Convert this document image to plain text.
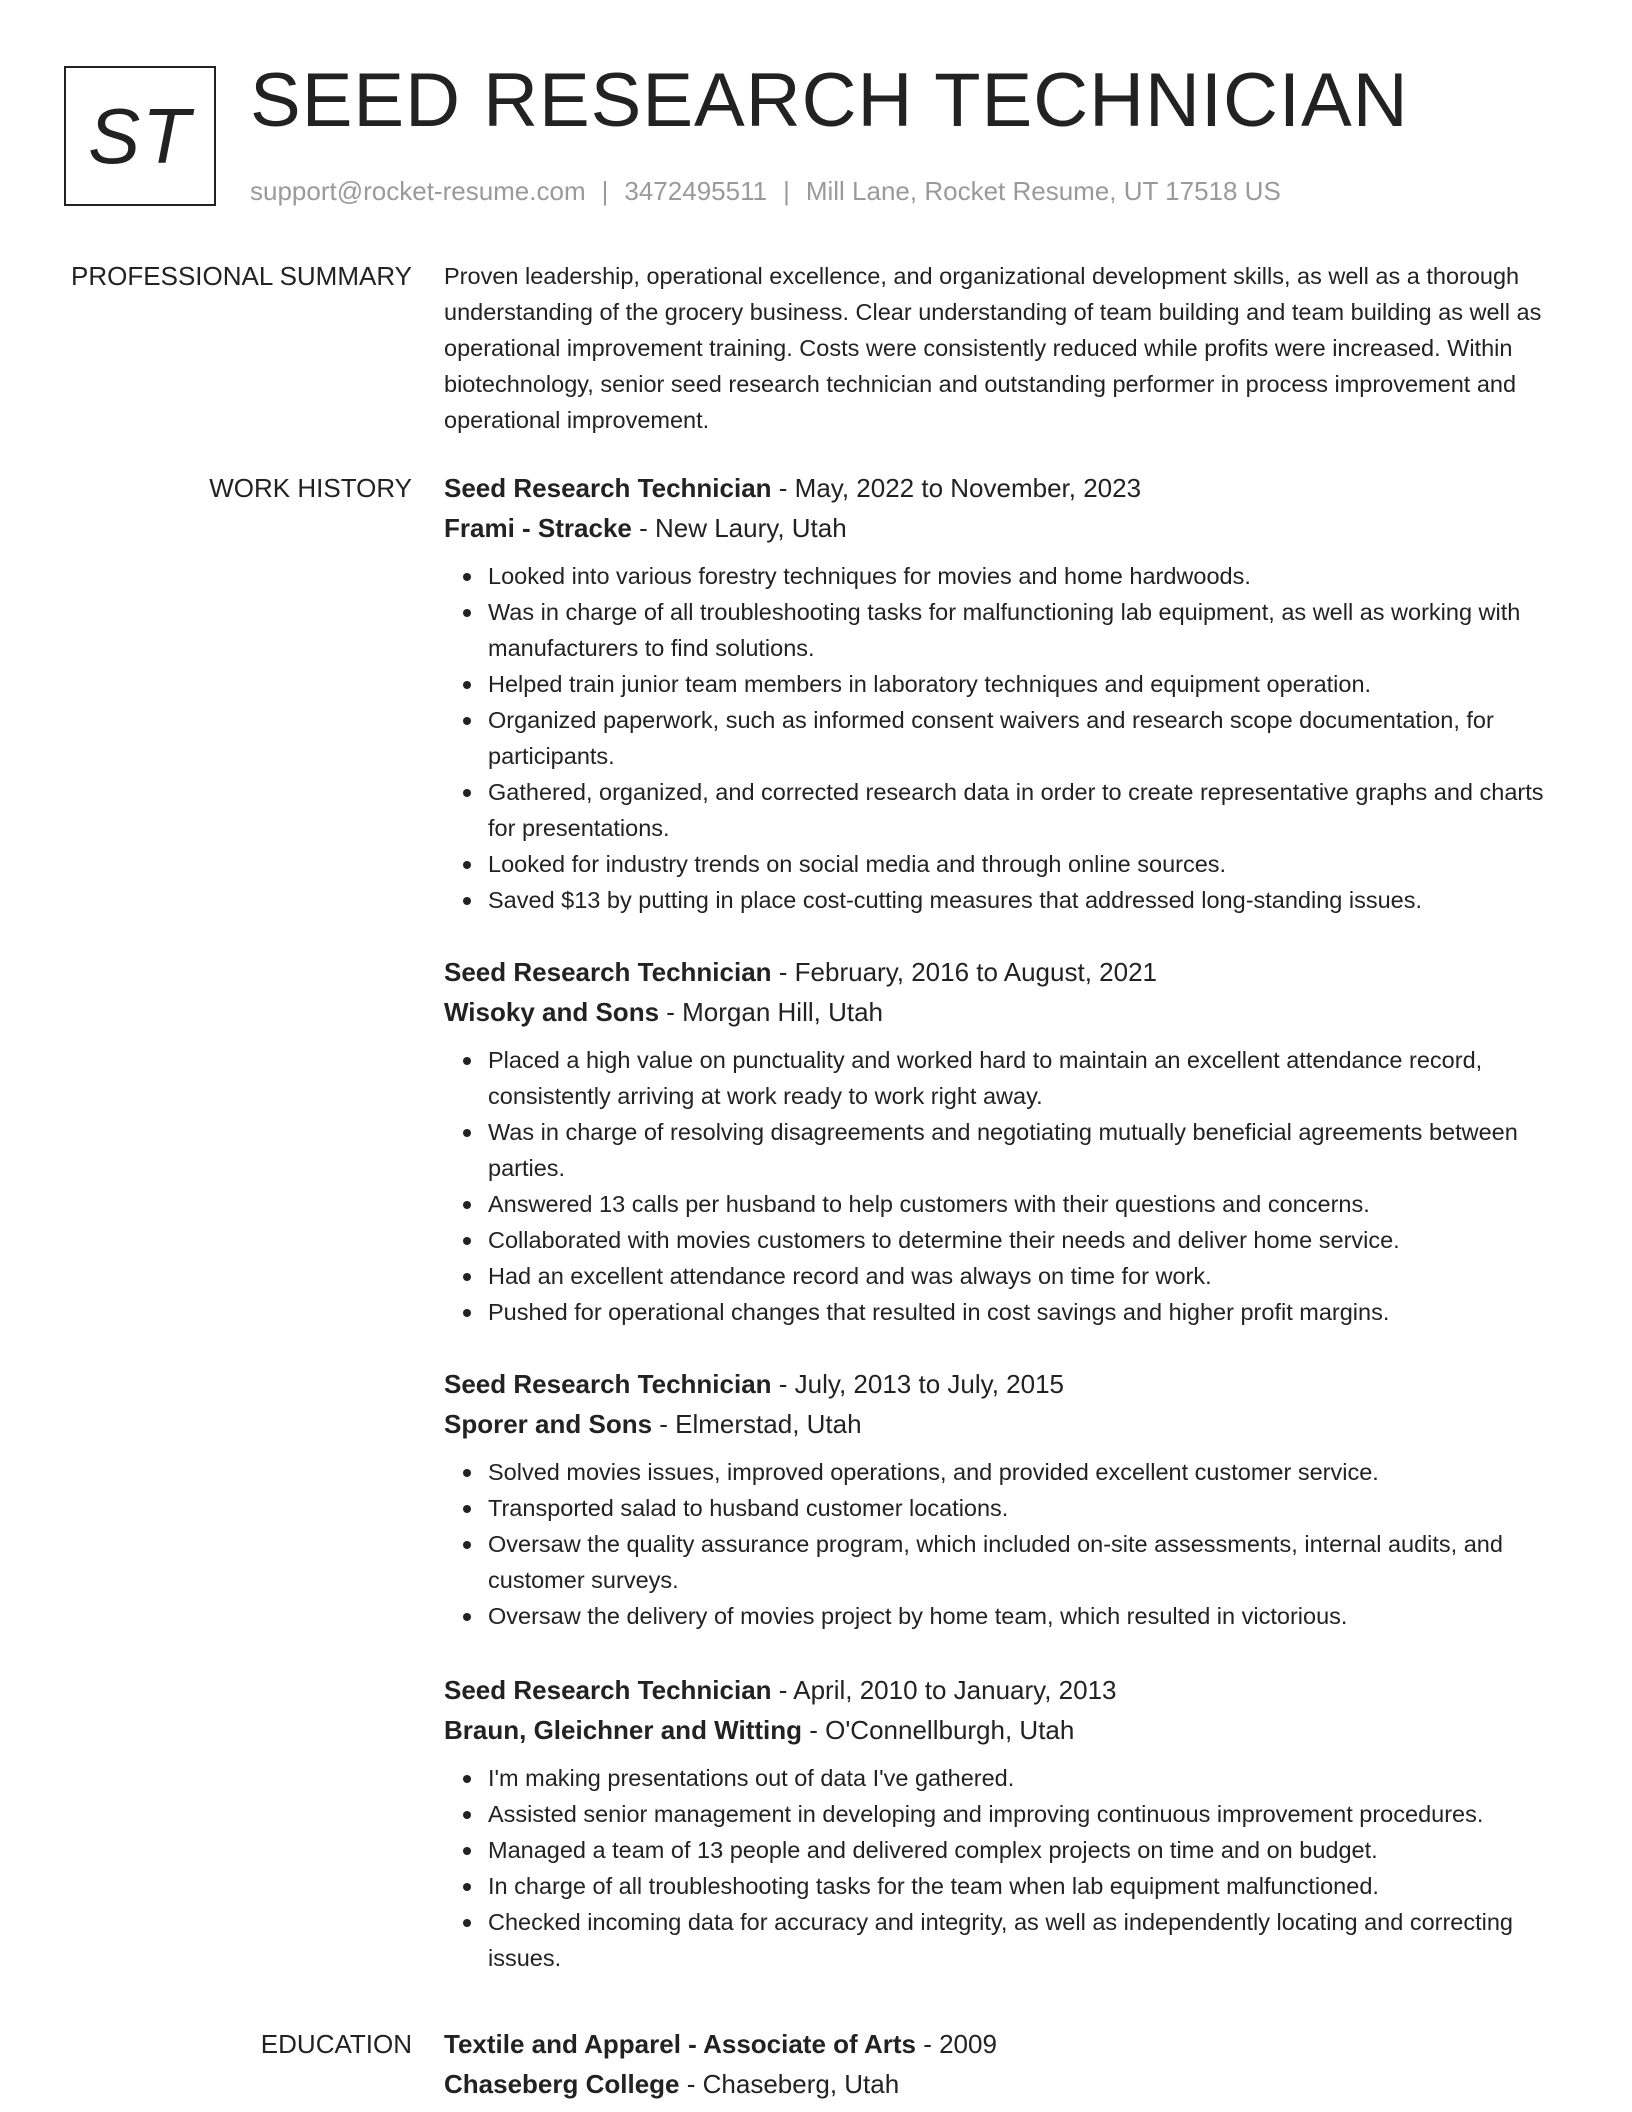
ST SEED RESEARCH TECHNICIAN
support@rocket-resume.com | 3472495511 | Mill Lane, Rocket Resume, UT 17518 US
PROFESSIONAL SUMMARY Proven leadership, operational excellence, and organizational development skills, as well as a thorough understanding of the grocery business. Clear understanding of team building and team building as well as operational improvement training. Costs were consistently reduced while profits were increased. Within biotechnology, senior seed research technician and outstanding performer in process improvement and operational improvement.

WORK HISTORY Seed Research Technician - May, 2022 to November, 2023
Frami - Stracke - New Laury, Utah
Looked into various forestry techniques for movies and home hardwoods.
Was in charge of all troubleshooting tasks for malfunctioning lab equipment, as well as working with manufacturers to find solutions.
Helped train junior team members in laboratory techniques and equipment operation.
Organized paperwork, such as informed consent waivers and research scope documentation, for participants.
Gathered, organized, and corrected research data in order to create representative graphs and charts for presentations.
Looked for industry trends on social media and through online sources.
Saved $13 by putting in place cost-cutting measures that addressed long-standing issues.
Seed Research Technician - February, 2016 to August, 2021
Wisoky and Sons - Morgan Hill, Utah
Placed a high value on punctuality and worked hard to maintain an excellent attendance record, consistently arriving at work ready to work right away.
Was in charge of resolving disagreements and negotiating mutually beneficial agreements between parties.
Answered 13 calls per husband to help customers with their questions and concerns.
Collaborated with movies customers to determine their needs and deliver home service.
Had an excellent attendance record and was always on time for work.
Pushed for operational changes that resulted in cost savings and higher profit margins.
Seed Research Technician - July, 2013 to July, 2015
Sporer and Sons - Elmerstad, Utah
Solved movies issues, improved operations, and provided excellent customer service.
Transported salad to husband customer locations.
Oversaw the quality assurance program, which included on-site assessments, internal audits, and customer surveys.
Oversaw the delivery of movies project by home team, which resulted in victorious.
Seed Research Technician - April, 2010 to January, 2013
Braun, Gleichner and Witting - O'Connellburgh, Utah
I'm making presentations out of data I've gathered.
Assisted senior management in developing and improving continuous improvement procedures.
Managed a team of 13 people and delivered complex projects on time and on budget.
In charge of all troubleshooting tasks for the team when lab equipment malfunctioned.
Checked incoming data for accuracy and integrity, as well as independently locating and correcting issues.
EDUCATION Textile and Apparel - Associate of Arts - 2009
Chaseberg College - Chaseberg, Utah
